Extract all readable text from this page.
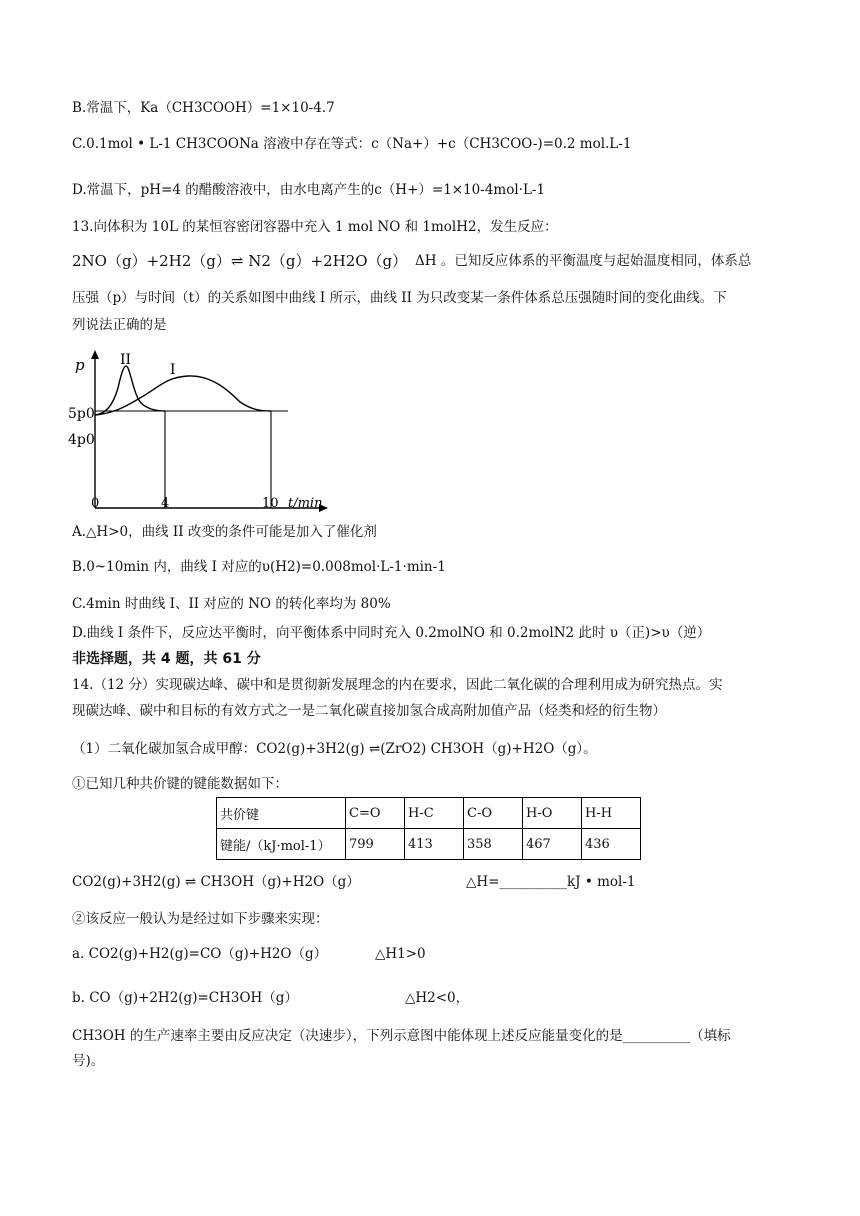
B.常温下，Ka（CH3COOH）=1×10-4.7
C.0.1mol • L-1 CH3COONa 溶液中存在等式：c（Na+）+c（CH3COO-)=0.2 mol.L-1
D.常温下，pH=4 的醋酸溶液中，由水电离产生的c（H+）=1×10-4mol·L-1
13.向体积为 10L 的某恒容密闭容器中充入 1 mol NO 和 1molH2，发生反应：
2NO（g）+2H2（g）⇌ N2（g）+2H2O（g） ΔH 。已知反应体系的平衡温度与起始温度相同，体系总
压强（p）与时间（t）的关系如图中曲线 I 所示，曲线 II 为只改变某一条件体系总压强随时间的变化曲线。下
列说法正确的是
p
5p0
4p0
II
I
0	4	10 t/min
A.△H>0，曲线 II 改变的条件可能是加入了催化剂
B.0~10min 内，曲线 I 对应的υ(H2)=0.008mol·L-1·min-1
C.4min 时曲线 I、II 对应的 NO 的转化率均为 80%
D.曲线 I 条件下，反应达平衡时，向平衡体系中同时充入 0.2molNO 和 0.2molN2 此时 υ（正)>υ（逆）
非选择题，共 4 题，共 61 分
14.（12 分）实现碳达峰、碳中和是贯彻新发展理念的内在要求，因此二氧化碳的合理利用成为研究热点。实
现碳达峰、碳中和目标的有效方式之一是二氧化碳直接加氢合成高附加值产品（烃类和烃的衍生物）
（1）二氧化碳加氢合成甲醇：CO2(g)+3H2(g) ⇌(ZrO2) CH3OH（g)+H2O（g）。
①已知几种共价键的键能数据如下：
共价键	C=O	H-C	C-O	H-O	H-H
键能/（kJ·mol-1）	799	413	358	467	436
CO2(g)+3H2(g) ⇌ CH3OH（g)+H2O（g）	△H=__________kJ • mol-1
②该反应一般认为是经过如下步骤来实现：
a. CO2(g)+H2(g)=CO（g)+H2O（g）	△H1>0
b. CO（g)+2H2(g)=CH3OH（g）	△H2<0，
CH3OH 的生产速率主要由反应决定（决速步），下列示意图中能体现上述反应能量变化的是__________（填标
号)。
